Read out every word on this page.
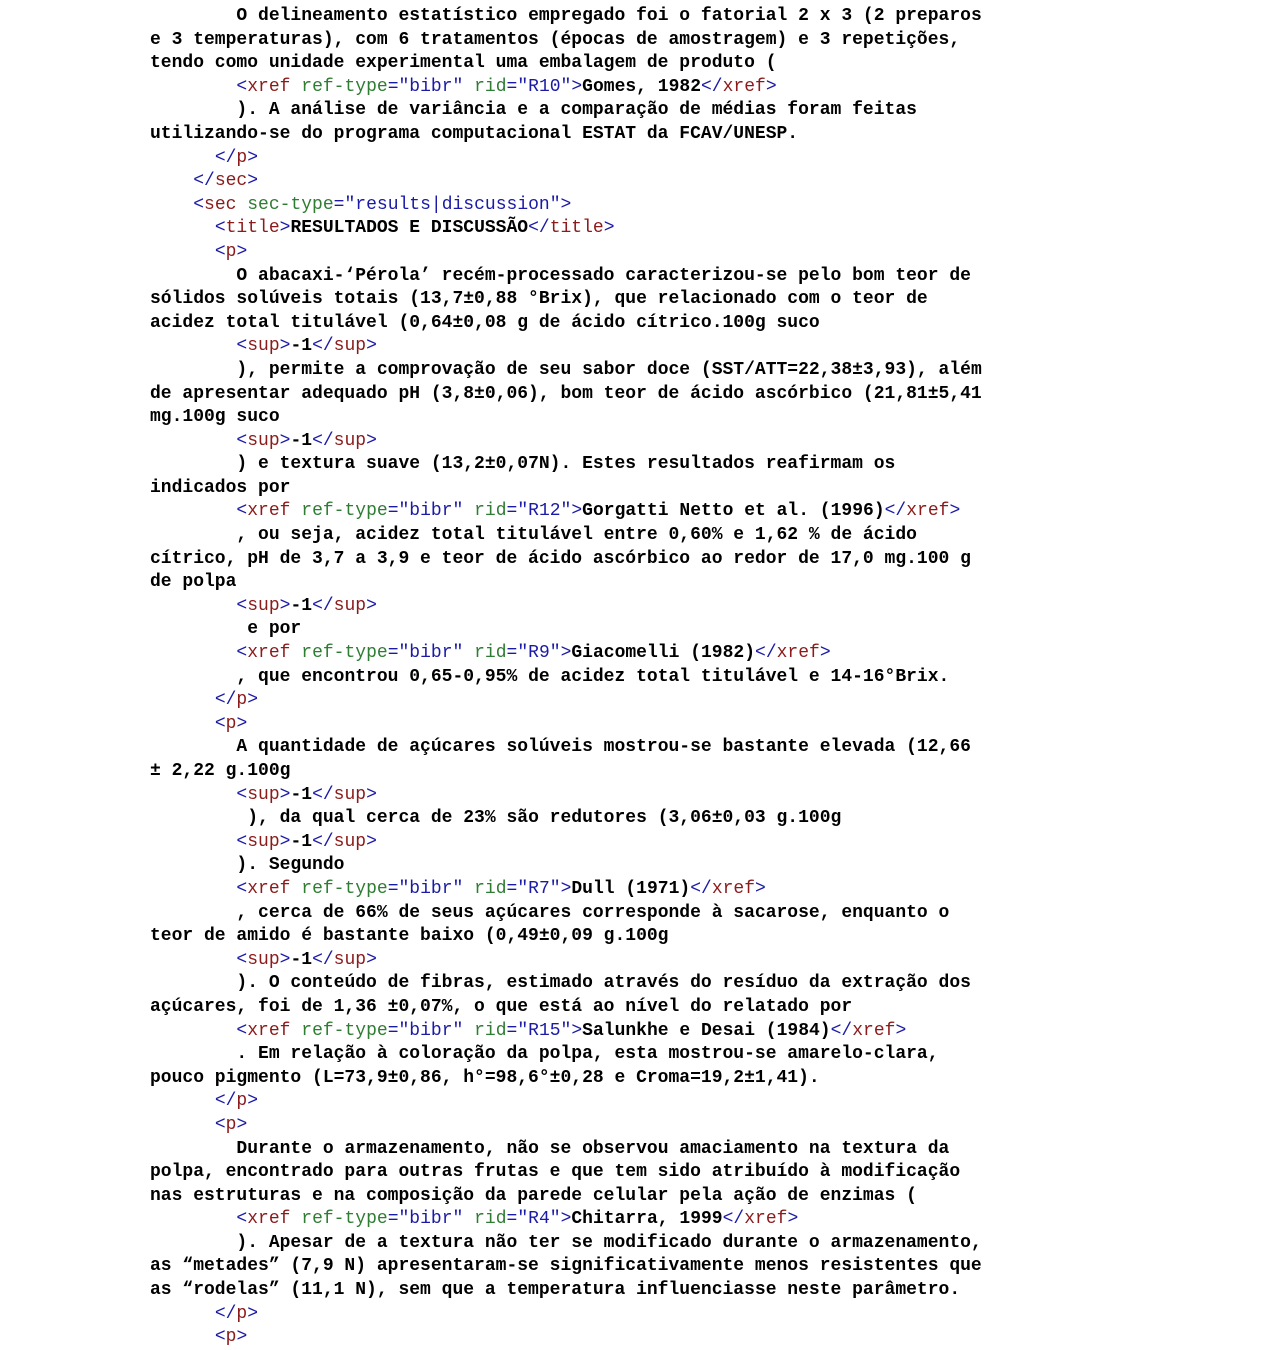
O delineamento estatístico empregado foi o fatorial 2 x 3 (2 preparos
e 3 temperaturas), com 6 tratamentos (épocas de amostragem) e 3 repetições,
tendo como unidade experimental uma embalagem de produto (
<xref ref-type="bibr" rid="R10">Gomes, 1982</xref>
). A análise de variância e a comparação de médias foram feitas
utilizando-se do programa computacional ESTAT da FCAV/UNESP.
</p>
</sec>
<sec sec-type="results|discussion">
<title>RESULTADOS E DISCUSSÃO</title>
<p>
O abacaxi-‘Pérola’ recém-processado caracterizou-se pelo bom teor de
sólidos solúveis totais (13,7±0,88 °Brix), que relacionado com o teor de
acidez total titulável (0,64±0,08 g de ácido cítrico.100g suco
<sup>-1</sup>
), permite a comprovação de seu sabor doce (SST/ATT=22,38±3,93), além
de apresentar adequado pH (3,8±0,06), bom teor de ácido ascórbico (21,81±5,41
mg.100g suco
<sup>-1</sup>
) e textura suave (13,2±0,07N). Estes resultados reafirmam os
indicados por
<xref ref-type="bibr" rid="R12">Gorgatti Netto et al. (1996)</xref>
, ou seja, acidez total titulável entre 0,60% e 1,62 % de ácido
cítrico, pH de 3,7 a 3,9 e teor de ácido ascórbico ao redor de 17,0 mg.100 g
de polpa
<sup>-1</sup>
e por
<xref ref-type="bibr" rid="R9">Giacomelli (1982)</xref>
, que encontrou 0,65-0,95% de acidez total titulável e 14-16°Brix.
</p>
<p>
A quantidade de açúcares solúveis mostrou-se bastante elevada (12,66
± 2,22 g.100g
<sup>-1</sup>
), da qual cerca de 23% são redutores (3,06±0,03 g.100g
<sup>-1</sup>
). Segundo
<xref ref-type="bibr" rid="R7">Dull (1971)</xref>
, cerca de 66% de seus açúcares corresponde à sacarose, enquanto o
teor de amido é bastante baixo (0,49±0,09 g.100g
<sup>-1</sup>
). O conteúdo de fibras, estimado através do resíduo da extração dos
açúcares, foi de 1,36 ±0,07%, o que está ao nível do relatado por
<xref ref-type="bibr" rid="R15">Salunkhe e Desai (1984)</xref>
. Em relação à coloração da polpa, esta mostrou-se amarelo-clara,
pouco pigmento (L=73,9±0,86, h°=98,6°±0,28 e Croma=19,2±1,41).
</p>
<p>
Durante o armazenamento, não se observou amaciamento na textura da
polpa, encontrado para outras frutas e que tem sido atribuído à modificação
nas estruturas e na composição da parede celular pela ação de enzimas (
<xref ref-type="bibr" rid="R4">Chitarra, 1999</xref>
). Apesar de a textura não ter se modificado durante o armazenamento,
as “metades” (7,9 N) apresentaram-se significativamente menos resistentes que
as “rodelas” (11,1 N), sem que a temperatura influenciasse neste parâmetro.
</p>
<p>
